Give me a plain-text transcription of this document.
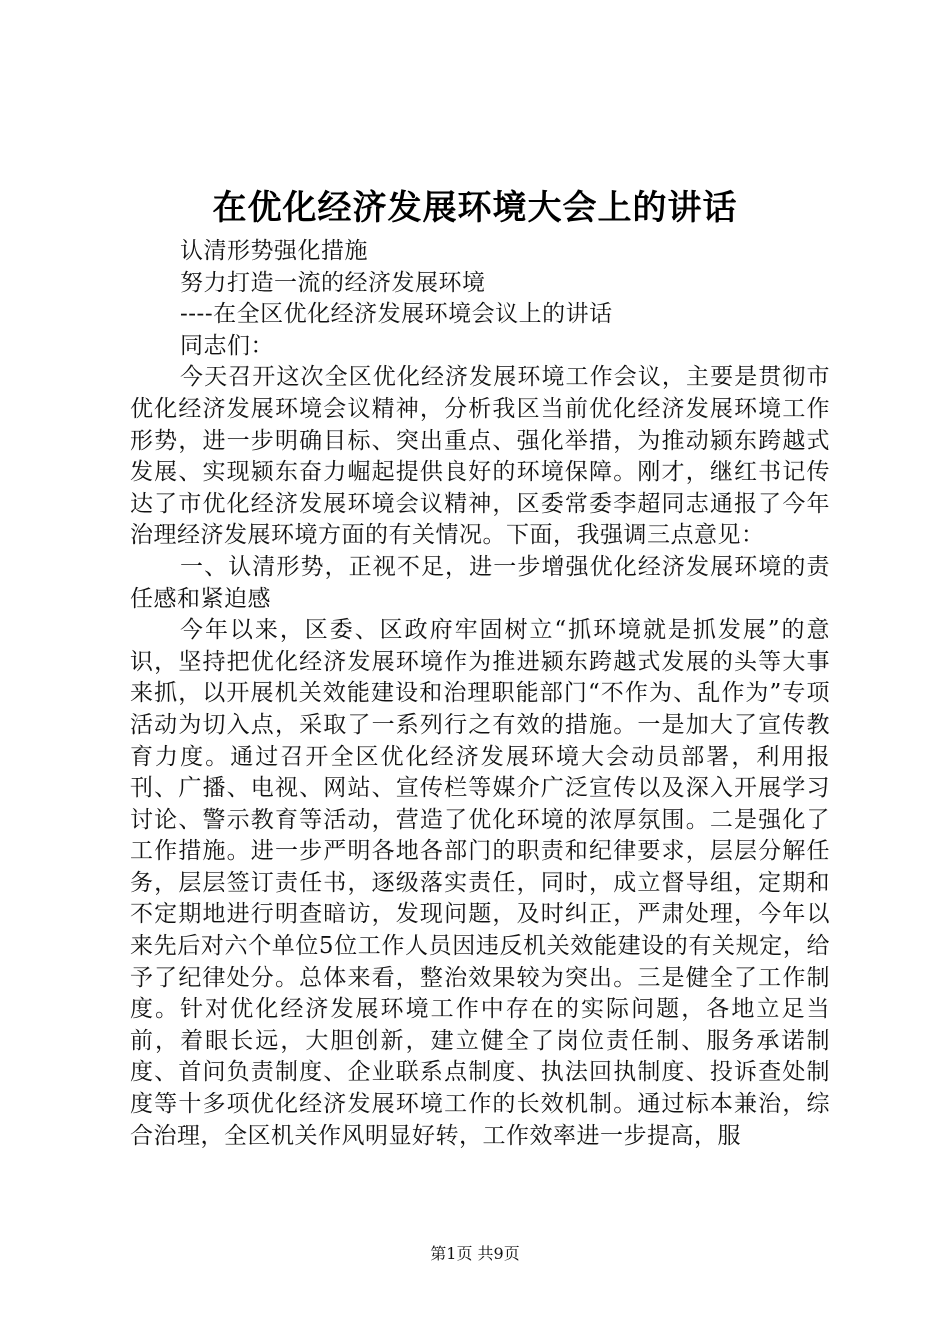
在优化经济发展环境大会上的讲话

认清形势强化措施

努力打造一流的经济发展环境

----在全区优化经济发展环境会议上的讲话

同志们：

今天召开这次全区优化经济发展环境工作会议，主要是贯彻市优化经济发展环境会议精神，分析我区当前优化经济发展环境工作形势，进一步明确目标、突出重点、强化举措，为推动颍东跨越式发展、实现颍东奋力崛起提供良好的环境保障。刚才，继红书记传达了市优化经济发展环境会议精神，区委常委李超同志通报了今年治理经济发展环境方面的有关情况。下面，我强调三点意见：

一、认清形势，正视不足，进一步增强优化经济发展环境的责任感和紧迫感

今年以来，区委、区政府牢固树立“抓环境就是抓发展”的意识，坚持把优化经济发展环境作为推进颍东跨越式发展的头等大事来抓，以开展机关效能建设和治理职能部门“不作为、乱作为”专项活动为切入点，采取了一系列行之有效的措施。一是加大了宣传教育力度。通过召开全区优化经济发展环境大会动员部署，利用报刊、广播、电视、网站、宣传栏等媒介广泛宣传以及深入开展学习讨论、警示教育等活动，营造了优化环境的浓厚氛围。二是强化了工作措施。进一步严明各地各部门的职责和纪律要求，层层分解任务，层层签订责任书，逐级落实责任，同时，成立督导组，定期和不定期地进行明查暗访，发现问题，及时纠正，严肃处理，今年以来先后对六个单位5位工作人员因违反机关效能建设的有关规定，给予了纪律处分。总体来看，整治效果较为突出。三是健全了工作制度。针对优化经济发展环境工作中存在的实际问题，各地立足当前，着眼长远，大胆创新，建立健全了岗位责任制、服务承诺制度、首问负责制度、企业联系点制度、执法回执制度、投诉查处制度等十多项优化经济发展环境工作的长效机制。通过标本兼治，综合治理，全区机关作风明显好转，工作效率进一步提高，服

第1页 共9页
